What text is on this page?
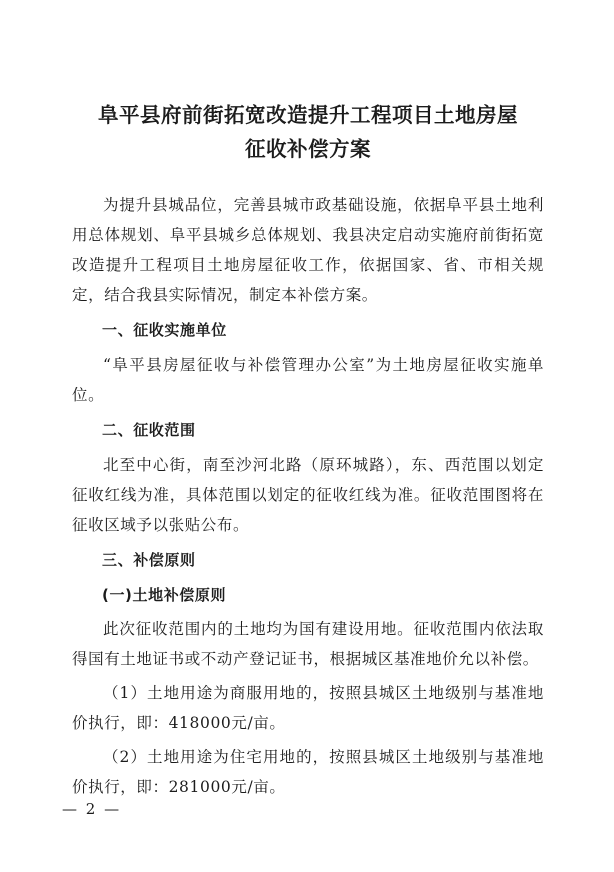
阜平县府前街拓宽改造提升工程项目土地房屋
征收补偿方案

为提升县城品位，完善县城市政基础设施，依据阜平县土地利用总体规划、阜平县城乡总体规划、我县决定启动实施府前街拓宽改造提升工程项目土地房屋征收工作，依据国家、省、市相关规定，结合我县实际情况，制定本补偿方案。

一、征收实施单位

“阜平县房屋征收与补偿管理办公室”为土地房屋征收实施单位。

二、征收范围

北至中心街，南至沙河北路（原环城路），东、西范围以划定征收红线为准，具体范围以划定的征收红线为准。征收范围图将在征收区域予以张贴公布。

三、补偿原则
(一)土地补偿原则

此次征收范围内的土地均为国有建设用地。征收范围内依法取得国有土地证书或不动产登记证书，根据城区基准地价允以补偿。

（1）土地用途为商服用地的，按照县城区土地级别与基准地价执行，即：418000元/亩。

（2）土地用途为住宅用地的，按照县城区土地级别与基准地价执行，即：281000元/亩。

— 2 —
